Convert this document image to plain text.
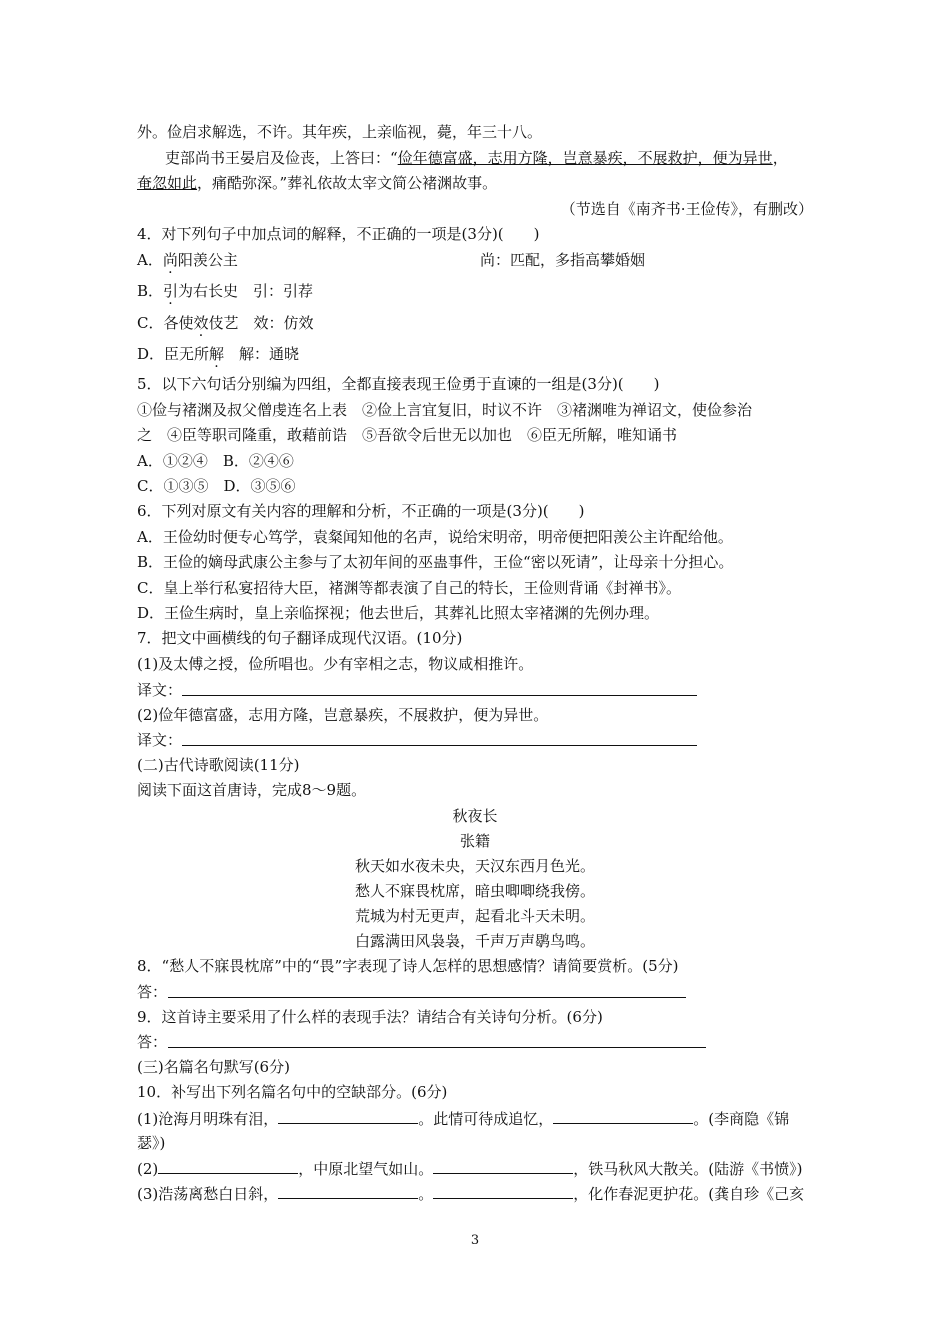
外。俭启求解选，不许。其年疾，上亲临视，薨，年三十八。
吏部尚书王晏启及俭丧，上答曰：“俭年德富盛，志用方隆，岂意暴疾，不展救护，便为异世，
奄忽如此，痛酷弥深。”葬礼依故太宰文简公褚渊故事。
（节选自《南齐书·王俭传》，有删改）
4．对下列句子中加点词的解释，不正确的一项是(3分)(　　)
A．尚阳羡公主	尚：匹配，多指高攀婚姻
B．引为右长史　引：引荐
C．各使效伎艺　效：仿效
D．臣无所解　解：通晓
5．以下六句话分别编为四组，全都直接表现王俭勇于直谏的一组是(3分)(　　)
①俭与褚渊及叔父僧虔连名上表　②俭上言宜复旧，时议不许　③褚渊唯为禅诏文，使俭参治
之　④臣等职司隆重，敢藉前诰　⑤吾欲令后世无以加也　⑥臣无所解，唯知诵书
A．①②④　B．②④⑥
C．①③⑤　D．③⑤⑥
6．下列对原文有关内容的理解和分析，不正确的一项是(3分)(　　)
A．王俭幼时便专心笃学，袁粲闻知他的名声，说给宋明帝，明帝便把阳羡公主许配给他。
B．王俭的嫡母武康公主参与了太初年间的巫蛊事件，王俭“密以死请”，让母亲十分担心。
C．皇上举行私宴招待大臣，褚渊等都表演了自己的特长，王俭则背诵《封禅书》。
D．王俭生病时，皇上亲临探视；他去世后，其葬礼比照太宰褚渊的先例办理。
7．把文中画横线的句子翻译成现代汉语。(10分)
(1)及太傅之授，俭所唱也。少有宰相之志，物议咸相推许。
译文：
(2)俭年德富盛，志用方隆，岂意暴疾，不展救护，便为异世。
译文：
(二)古代诗歌阅读(11分)
阅读下面这首唐诗，完成8～9题。
秋夜长
张籍
秋天如水夜未央，天汉东西月色光。
愁人不寐畏枕席，暗虫唧唧绕我傍。
荒城为村无更声，起看北斗天未明。
白露满田风袅袅，千声万声鹖鸟鸣。
8．“愁人不寐畏枕席”中的“畏”字表现了诗人怎样的思想感情？请简要赏析。(5分)
答：
9．这首诗主要采用了什么样的表现手法？请结合有关诗句分析。(6分)
答：
(三)名篇名句默写(6分)
10．补写出下列名篇名句中的空缺部分。(6分)
(1)沧海月明珠有泪，	。此情可待成追忆，	。(李商隐《锦
瑟》)
(2)	，中原北望气如山。	，铁马秋风大散关。(陆游《书愤》)
(3)浩荡离愁白日斜，	。	，化作春泥更护花。(龚自珍《己亥
3
